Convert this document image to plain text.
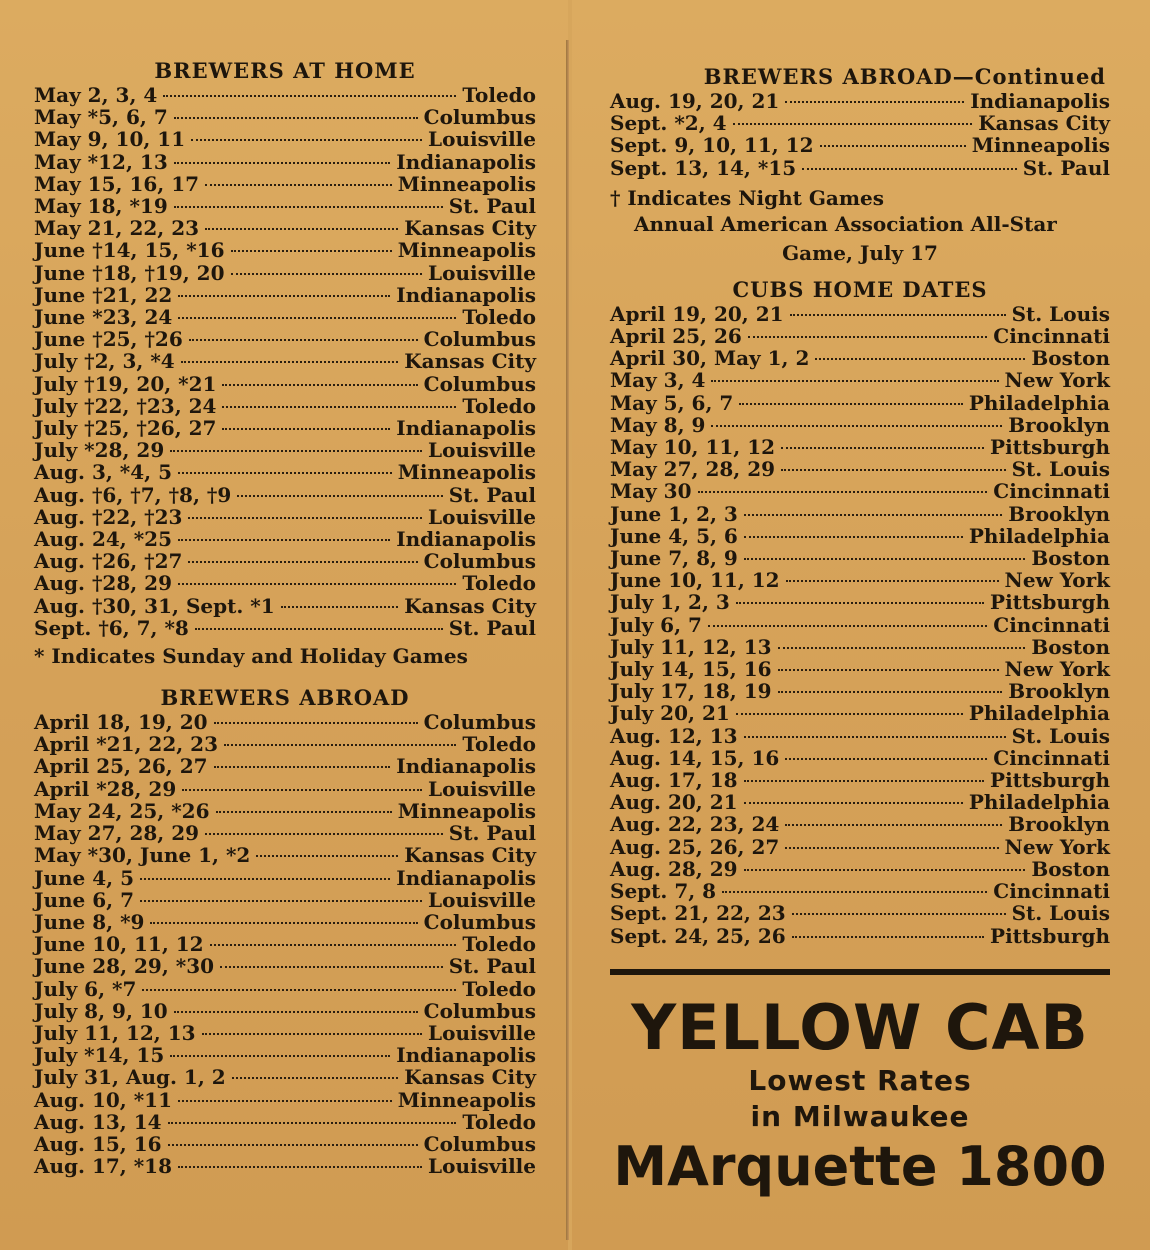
BREWERS AT HOME
May 2, 3, 4	Toledo
May *5, 6, 7	Columbus
May 9, 10, 11	Louisville
May *12, 13	Indianapolis
May 15, 16, 17	Minneapolis
May 18, *19	St. Paul
May 21, 22, 23	Kansas City
June †14, 15, *16	Minneapolis
June †18, †19, 20	Louisville
June †21, 22	Indianapolis
June *23, 24	Toledo
June †25, †26	Columbus
July †2, 3, *4	Kansas City
July †19, 20, *21	Columbus
July †22, †23, 24	Toledo
July †25, †26, 27	Indianapolis
July *28, 29	Louisville
Aug. 3, *4, 5	Minneapolis
Aug. †6, †7, †8, †9	St. Paul
Aug. †22, †23	Louisville
Aug. 24, *25	Indianapolis
Aug. †26, †27	Columbus
Aug. †28, 29	Toledo
Aug. †30, 31, Sept. *1	Kansas City
Sept. †6, 7, *8	St. Paul

* Indicates Sunday and Holiday Games

BREWERS ABROAD
April 18, 19, 20	Columbus
April *21, 22, 23	Toledo
April 25, 26, 27	Indianapolis
April *28, 29	Louisville
May 24, 25, *26	Minneapolis
May 27, 28, 29	St. Paul
May *30, June 1, *2	Kansas City
June 4, 5	Indianapolis
June 6, 7	Louisville
June 8, *9	Columbus
June 10, 11, 12	Toledo
June 28, 29, *30	St. Paul
July 6, *7	Toledo
July 8, 9, 10	Columbus
July 11, 12, 13	Louisville
July *14, 15	Indianapolis
July 31, Aug. 1, 2	Kansas City
Aug. 10, *11	Minneapolis
Aug. 13, 14	Toledo
Aug. 15, 16	Columbus
Aug. 17, *18	Louisville
BREWERS ABROAD—Continued
Aug. 19, 20, 21	Indianapolis
Sept. *2, 4	Kansas City
Sept. 9, 10, 11, 12	Minneapolis
Sept. 13, 14, *15	St. Paul

† Indicates Night Games

Annual American Association All-Star

Game, July 17

CUBS HOME DATES
April 19, 20, 21	St. Louis
April 25, 26	Cincinnati
April 30, May 1, 2	Boston
May 3, 4	New York
May 5, 6, 7	Philadelphia
May 8, 9	Brooklyn
May 10, 11, 12	Pittsburgh
May 27, 28, 29	St. Louis
May 30	Cincinnati
June 1, 2, 3	Brooklyn
June 4, 5, 6	Philadelphia
June 7, 8, 9	Boston
June 10, 11, 12	New York
July 1, 2, 3	Pittsburgh
July 6, 7	Cincinnati
July 11, 12, 13	Boston
July 14, 15, 16	New York
July 17, 18, 19	Brooklyn
July 20, 21	Philadelphia
Aug. 12, 13	St. Louis
Aug. 14, 15, 16	Cincinnati
Aug. 17, 18	Pittsburgh
Aug. 20, 21	Philadelphia
Aug. 22, 23, 24	Brooklyn
Aug. 25, 26, 27	New York
Aug. 28, 29	Boston
Sept. 7, 8	Cincinnati
Sept. 21, 22, 23	St. Louis
Sept. 24, 25, 26	Pittsburgh

YELLOW CAB

Lowest Rates

in Milwaukee

MArquette 1800
